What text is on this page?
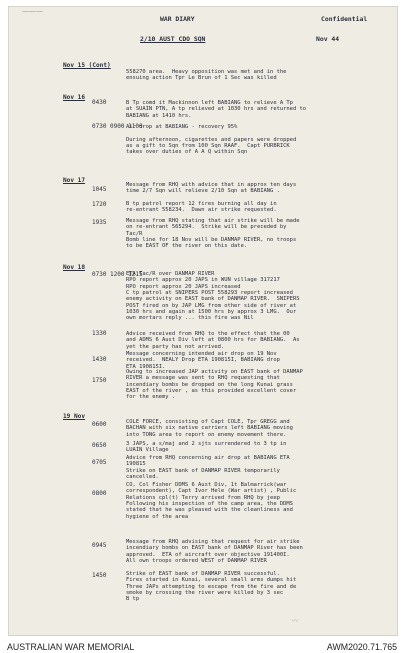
WAR DIARY	Confidential
2/10 AUST CDO SQN	Nov 44
———
Nov 15 (Cont)
558270 area.  Heavy opposition was met and in the
ensuing action Tpr Le Brun of 1 Sec was killed
Nov 16
0430	B Tp comd it Mackinnon left BABIANG to relieve A Tp
at SUAIN PTN, A tp relieved at 1030 hrs and returned to
BABIANG at 1410 hrs.
0730 0900 1100
Air drop at BABIANG - recovery 95%

During afternoon, cigarettes and papers were dropped
as a gift to Sqn from 100 Sqn RAAF.  Capt PURBRICK
takes over duties of A A Q within Sqn
Nov 17
1045
Message from RHQ with advice that in approx ten days
time 2/7 Sqn will relieve 2/10 Sqn at BABIANG .
1720	B tp patrol report 12 fires burning all day in
re-entrant 558234.  Dawn air strike requested.
1935	Message from RHQ stating that air strike will be made
on re-entrant 565294.  Strike will be preceded by
Tac/R
Bomb line for 18 Nov will be DANMAP RIVER, no troops
to be EAST OF the river on this date.
Nov 18
0730 1200 1215
ETA Tac/R over DANMAP RIVER
RPO report approx 20 JAPS in WUN village 317217
RPO report approx 20 JAPS increased
C tp patrol at SNIPERS POST 558293 report increased
enemy activity on EAST bank of DANMAP RIVER.  SNIPERS
POST fired on by JAP LMG from other side of river at
1030 hrs and again at 1500 hrs by approx 3 LMG.  Our
own mortars reply ... this fire was Nil
1330	Advice received from RHQ to the effect that the 00
and ADMS 6 Aust Div left at 0800 hrs for BABIANG.  As
yet the party has not arrived.
1430
Message concerning intended air drop on 19 Nov
received.  NEALY Drop ETA 190815I, BABIANG drop
ETA 190815I.
1750
Owing to increased JAP activity on EAST bank of DANMAP
RIVER a message was sent to RHQ requesting that
incendiary bombs be dropped on the long Kunai grass
EAST of the river , as this provided excellent cover
for the enemy .
19 Nov
0600	COLE FORCE, consisting of Capt COLE, Tpr GREGG and
BACHAN with six native carriers left BABIANG moving
into TONG area to report on enemy movement there.
0650	3 JAPS, a s/maj and 2 sjts surrendered to 3 tp in
LUAIN Village
0705
Advice from RHQ concerning air drop at BABIANG ETA
190815
Strike on EAST bank of DANMAP RIVER temporarily
cancelled.
0800
CO, Col Fisher DDMS 6 Aust Div, 1t Balmarrick(war
correspondent), Capt Ivor Hele (War artist) , Public
Relations cpl(t) Terry arrived from RHQ by jeep
Following his inspection of the camp area, the DDMS
stated that he was pleased with the cleanliness and
hygiene of the area
0945	Message from RHQ advising that request for air strike
incendiary bombs on EAST bank of DANMAP River has been
approved.  ETA of aircraft over objective 191400I.
All own troops ordered WEST of DANMAP RIVER
1450	Strike of EAST bank of DANMAP RIVER successful.
Fires started in Kunai, several small arms dumps hit
Three JAPs attempting to escape from the fire and de
smoke by crossing the river were killed by 3 sec
B tp
〰
AUSTRALIAN WAR MEMORIAL	AWM2020.71.765
